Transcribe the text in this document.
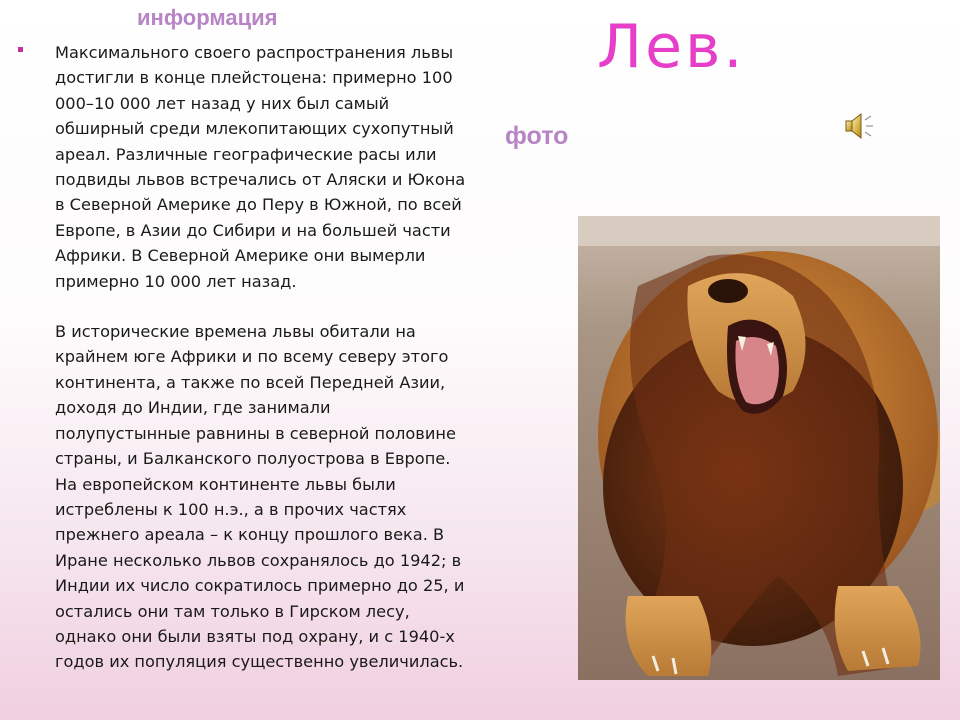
информация

Максимального своего распространения львы
достигли в конце плейстоцена: примерно 100
000–10 000 лет назад у них был самый
обширный среди млекопитающих сухопутный
ареал. Различные географические расы или
подвиды львов встречались от Аляски и Юкона
в Северной Америке до Перу в Южной, по всей
Европе, в Азии до Сибири и на большей части
Африки. В Северной Америке они вымерли
примерно 10 000 лет назад.

В исторические времена львы обитали на
крайнем юге Африки и по всему северу этого
континента, а также по всей Передней Азии,
доходя до Индии, где занимали
полупустынные равнины в северной половине
страны, и Балканского полуострова в Европе.
На европейском континенте львы были
истреблены к 100 н.э., а в прочих частях
прежнего ареала – к концу прошлого века. В
Иране несколько львов сохранялось до 1942; в
Индии их число сократилось примерно до 25, и
остались они там только в Гирском лесу,
однако они были взяты под охрану, и с 1940-х
годов их популяция существенно увеличилась.

Лев.
фото
